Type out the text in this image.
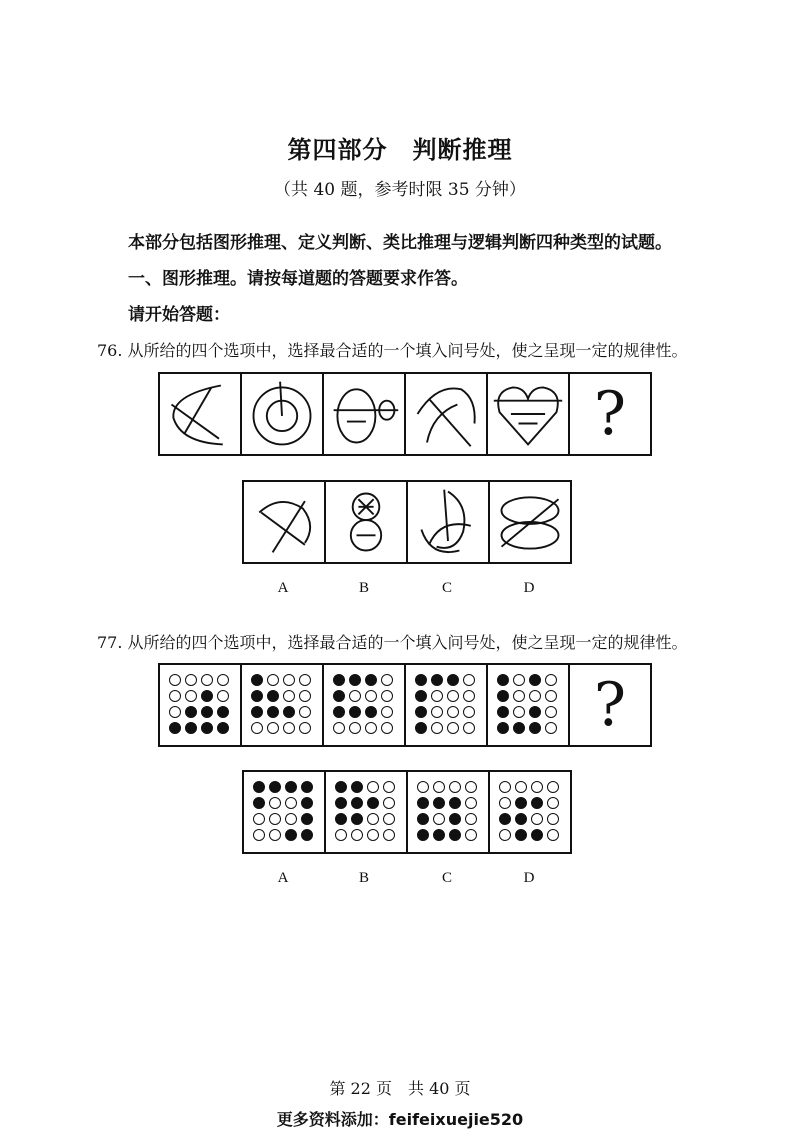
第四部分　判断推理
（共 40 题，参考时限 35 分钟）
本部分包括图形推理、定义判断、类比推理与逻辑判断四种类型的试题。
一、图形推理。请按每道题的答题要求作答。
请开始答题：
76. 从所给的四个选项中，选择最合适的一个填入问号处，使之呈现一定的规律性。
?
A	B	C	D
77. 从所给的四个选项中，选择最合适的一个填入问号处，使之呈现一定的规律性。
?
A	B	C	D
第 22 页　共 40 页
更多资料添加：feifeixuejie520
